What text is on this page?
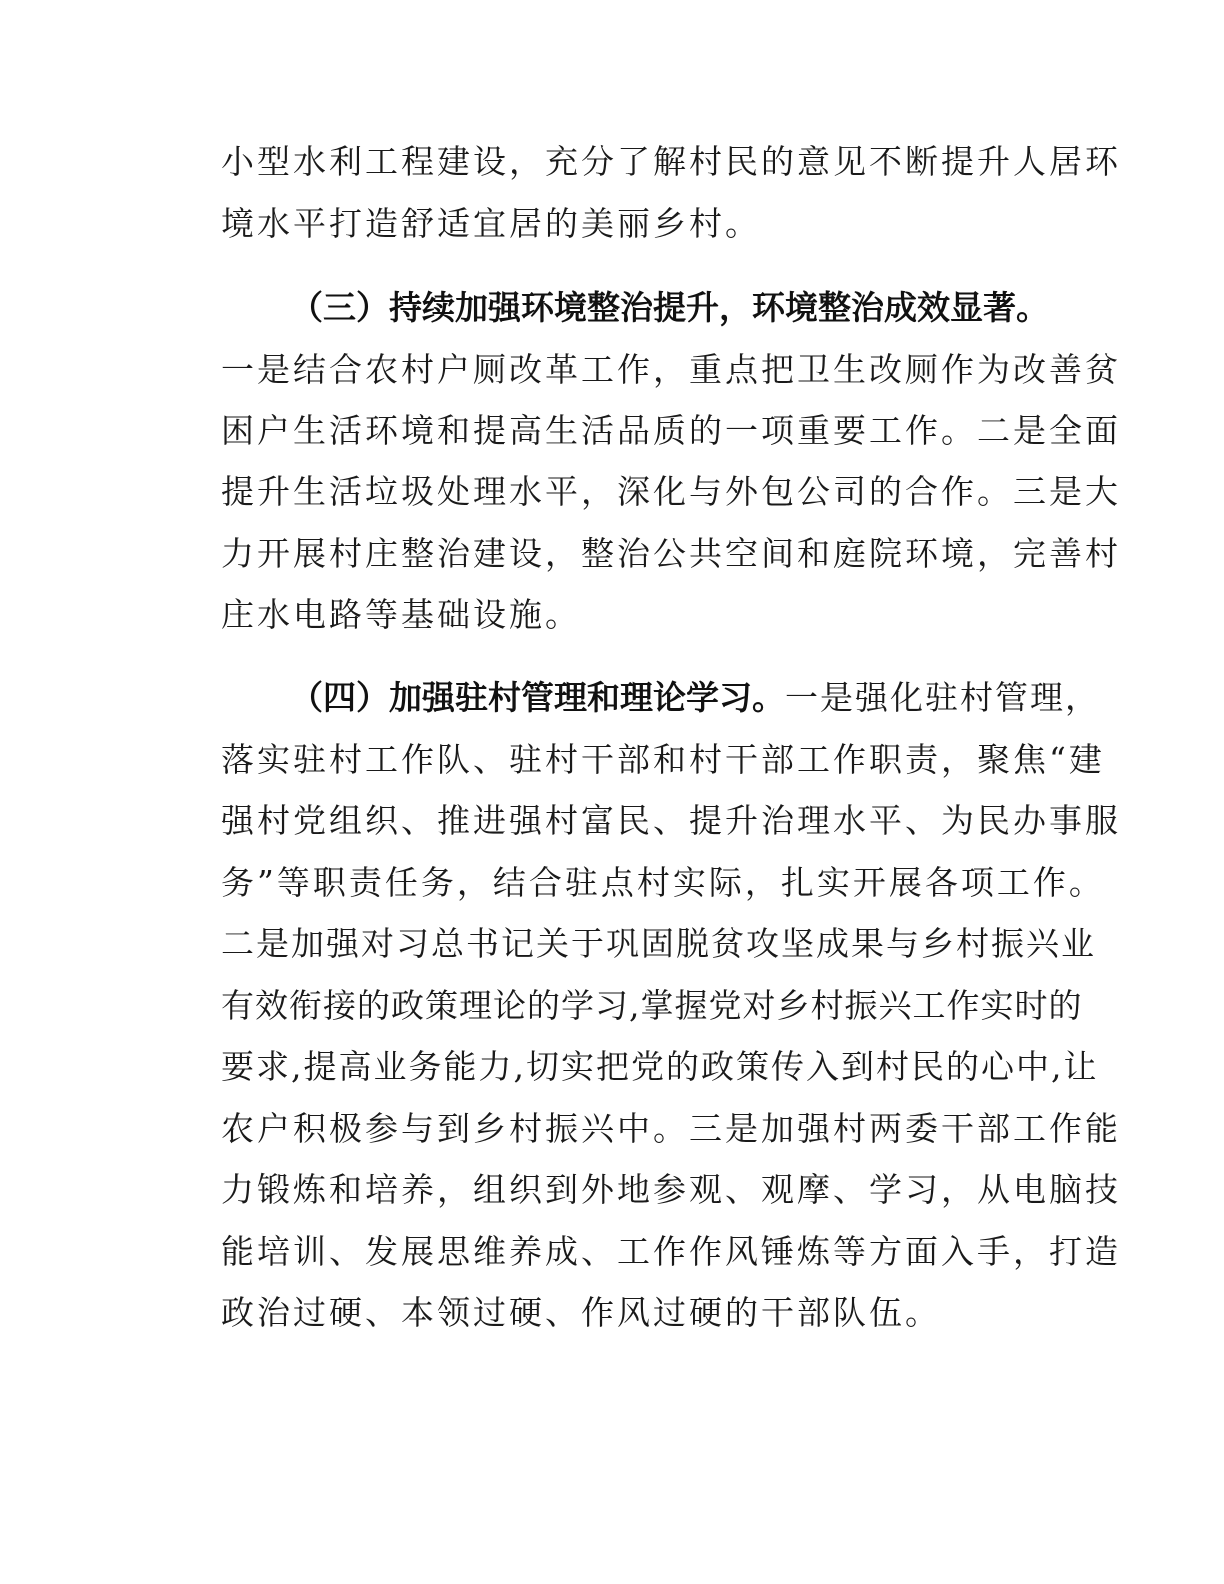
小型水利工程建设，充分了解村民的意见不断提升人居环

境水平打造舒适宜居的美丽乡村。

（三）持续加强环境整治提升，环境整治成效显著。

一是结合农村户厕改革工作，重点把卫生改厕作为改善贫

困户生活环境和提高生活品质的一项重要工作。二是全面

提升生活垃圾处理水平，深化与外包公司的合作。三是大

力开展村庄整治建设，整治公共空间和庭院环境，完善村

庄水电路等基础设施。

（四）加强驻村管理和理论学习。一是强化驻村管理，

落实驻村工作队、驻村干部和村干部工作职责，聚焦“建

强村党组织、推进强村富民、提升治理水平、为民办事服

务”等职责任务，结合驻点村实际，扎实开展各项工作。

二是加强对习总书记关于巩固脱贫攻坚成果与乡村振兴业

有效衔接的政策理论的学习,掌握党对乡村振兴工作实时的

要求,提高业务能力,切实把党的政策传入到村民的心中,让

农户积极参与到乡村振兴中。三是加强村两委干部工作能

力锻炼和培养，组织到外地参观、观摩、学习，从电脑技

能培训、发展思维养成、工作作风锤炼等方面入手，打造

政治过硬、本领过硬、作风过硬的干部队伍。
